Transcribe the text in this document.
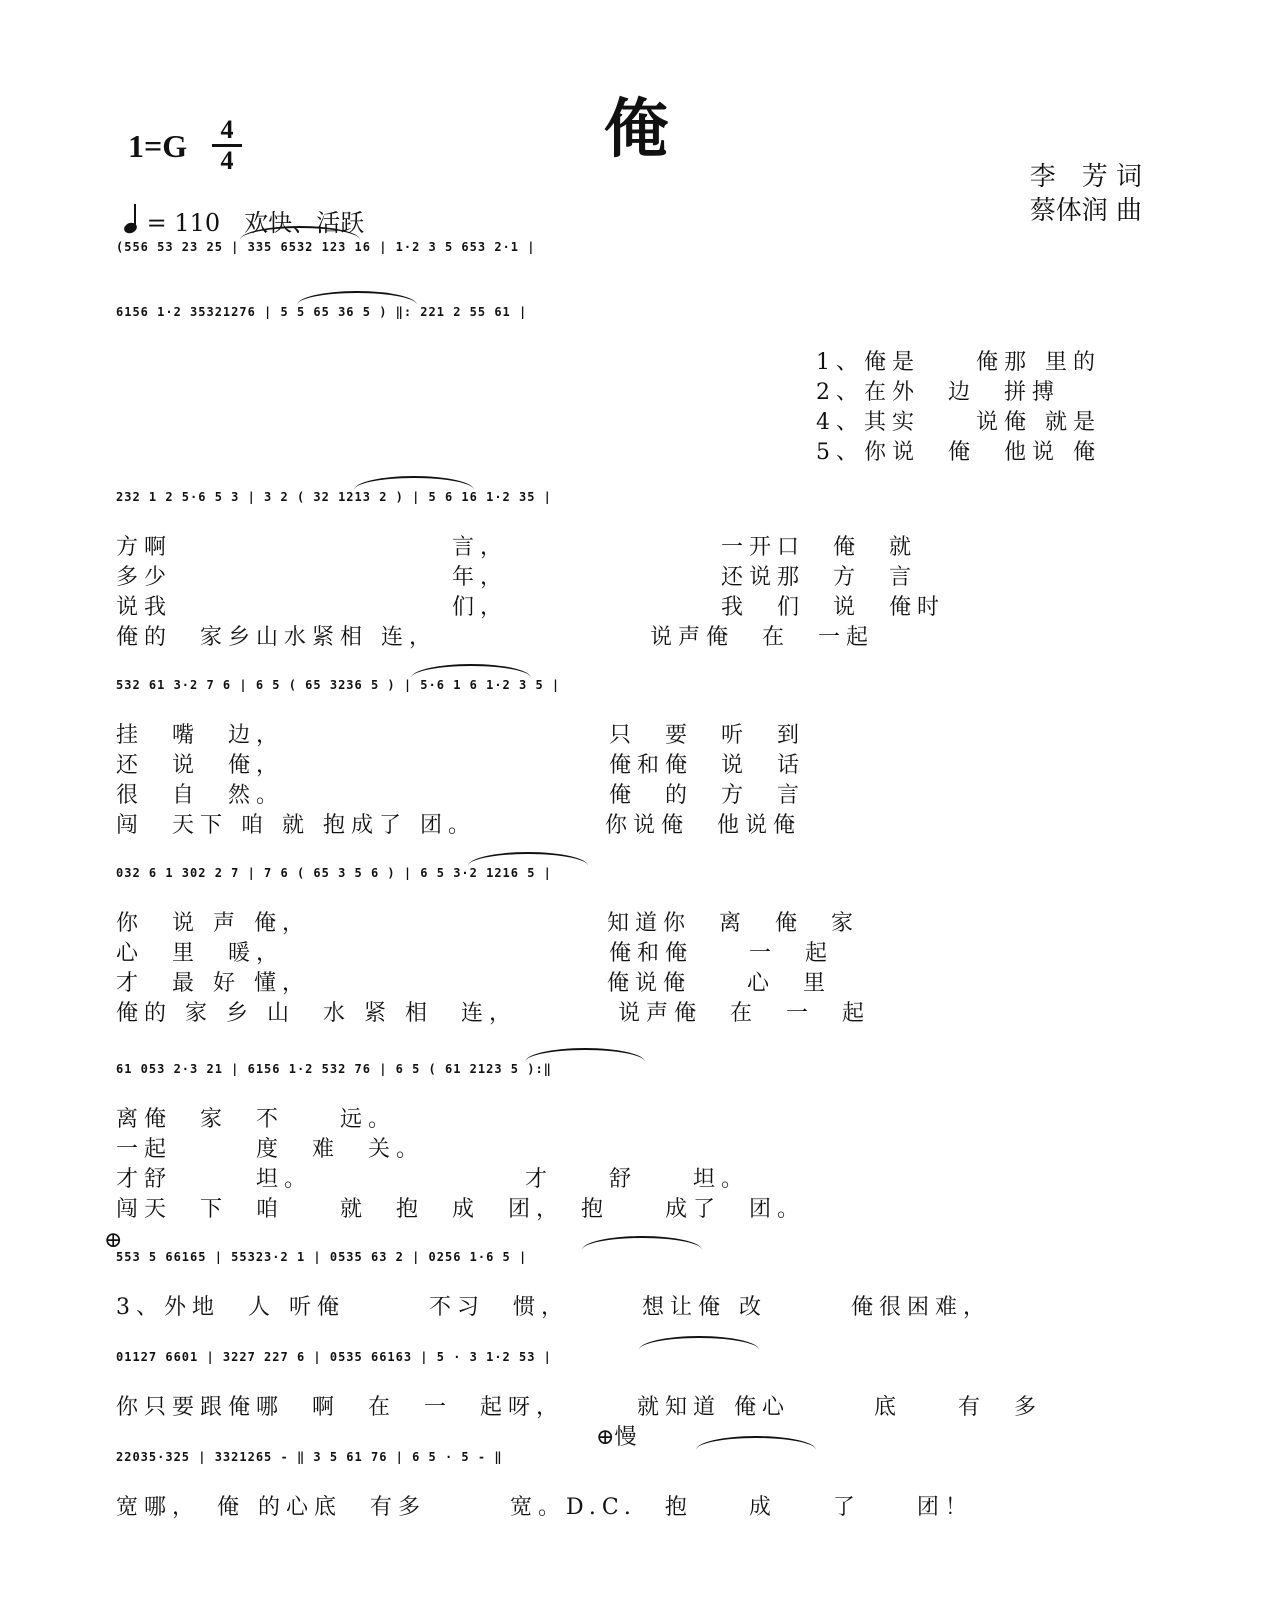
俺
1=G	4
4
李　芳 词
蔡体润 曲
= 110　欢快、活跃
(556 53 23 25 | 335 6532 123 16 | 1·2 3 5 653 2·1 |
6156 1·2 35321276 | 5 5 65 36 5 ) ‖: 221 2 55 61 |
1、俺是　　俺那 里的
2、在外　边　拼搏
4、其实　　说俺 就是
5、你说　俺　他说 俺
232 1 2 5·6 5 3 | 3 2 ( 32 1213 2 ) | 5 6 16 1·2 35 |
方啊　　　　　　　　　　言，　　　　　　　　一开口　俺　就
多少　　　　　　　　　　年，　　　　　　　　还说那　方　言
说我　　　　　　　　　　们，　　　　　　　　我　们　说　俺时
俺的　家乡山水紧相 连，　　　　　　　　说声俺　在　一起
532 61 3·2 7 6 | 6 5 ( 65 3236 5 ) | 5·6 1 6 1·2 3 5 |
挂　嘴　边，　　　　　　　　　　　　只　要　听　到
还　说　俺，　　　　　　　　　　　　俺和俺　说　话
很　自　然。　　　　　　　　　　　　俺　的　方　言
闯　天下 咱 就 抱成了 团。　　　　　你说俺　他说俺
032 6 1 302 2 7 | 7 6 ( 65 3 5 6 ) | 6 5 3·2 1216 5 |
你　说 声 俺，　　　　　　　　　　　知道你　离　俺　家
心　里　暖，　　　　　　　　　　　　俺和俺　　一　起
才　最 好 懂，　　　　　　　　　　　俺说俺　　心　里
俺的 家 乡 山　水 紧 相　连，　　　　说声俺　在　一　起
61 053 2·3 21 | 6156 1·2 532 76 | 6 5 ( 61 2123 5 ):‖
离俺　家　不　　远。
一起　　　度　难　关。
才舒　　　坦。　　　　　　　　才　　舒　　坦。
闯天　下　咱　　就　抱　成　团，　抱　　成了　团。
553 5 66165 | 55323·2 1 | 0535 63 2 | 0256 1·6 5 |
3、外地　人 听俺　　　不习　惯，　　　想让俺 改　　　俺很困难，
01127 6601 | 3227 227 6 | 0535 66163 | 5 · 3 1·2 53 |
你只要跟俺哪　啊　在　一　起呀，　　　就知道 俺心　　　底　　有　多
22035·325 | 3321265 - ‖ 3 5 61 76 | 6 5 · 5 - ‖
宽哪，　俺 的心底　有多　　　宽。D.C.　抱　　成　　了　　团！
⊕慢
⊕
